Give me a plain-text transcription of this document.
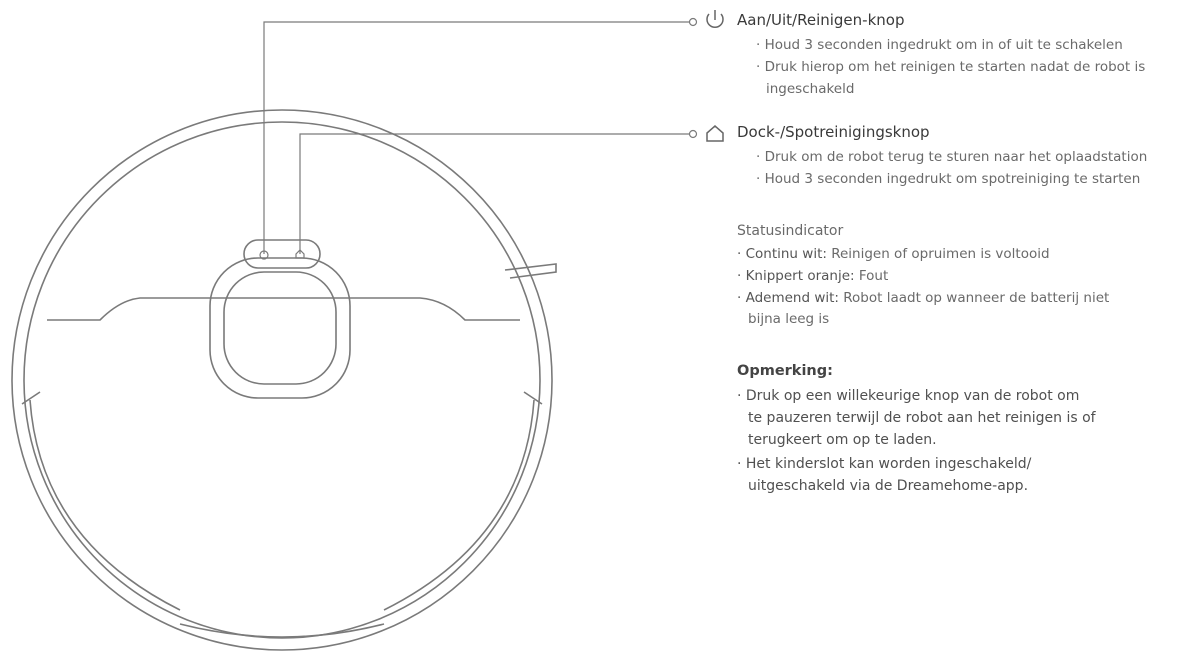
Aan/Uit/Reinigen-knop
· Houd 3 seconden ingedrukt om in of uit te schakelen
· Druk hierop om het reinigen te starten nadat de robot is
ingeschakeld
Dock-/Spotreinigingsknop
· Druk om de robot terug te sturen naar het oplaadstation
· Houd 3 seconden ingedrukt om spotreiniging te starten
Statusindicator
· Continu wit: Reinigen of opruimen is voltooid
· Knippert oranje: Fout
· Ademend wit: Robot laadt op wanneer de batterij niet
bijna leeg is
Opmerking:
· Druk op een willekeurige knop van de robot om
te pauzeren terwijl de robot aan het reinigen is of
terugkeert om op te laden.
· Het kinderslot kan worden ingeschakeld/
uitgeschakeld via de Dreamehome-app.
